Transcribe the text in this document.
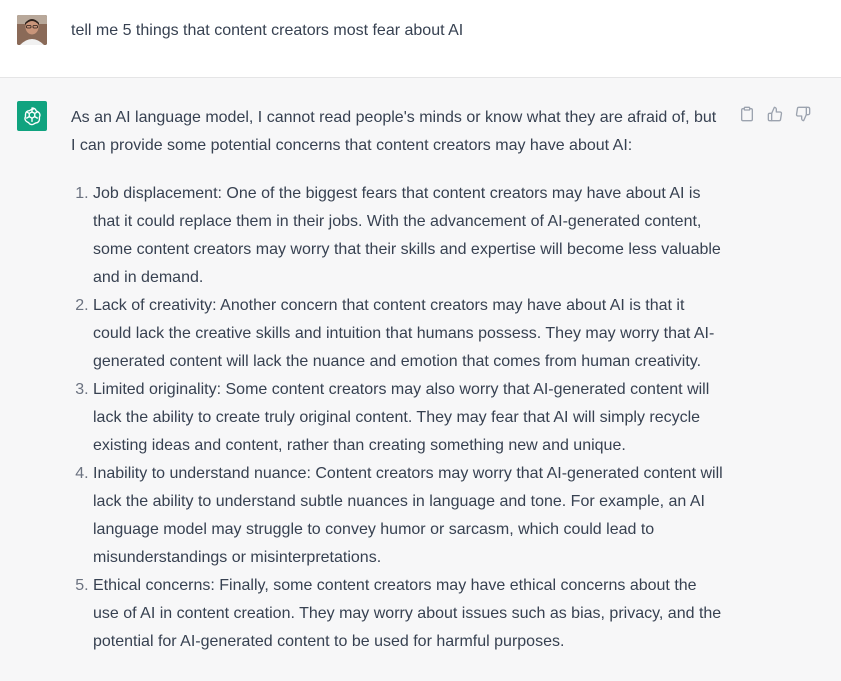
tell me 5 things that content creators most fear about AI

As an AI language model, I cannot read people's minds or know what they are afraid of, but I can provide some potential concerns that content creators may have about AI:

1. Job displacement: One of the biggest fears that content creators may have about AI is that it could replace them in their jobs. With the advancement of AI-generated content, some content creators may worry that their skills and expertise will become less valuable and in demand.
2. Lack of creativity: Another concern that content creators may have about AI is that it could lack the creative skills and intuition that humans possess. They may worry that AI-generated content will lack the nuance and emotion that comes from human creativity.
3. Limited originality: Some content creators may also worry that AI-generated content will lack the ability to create truly original content. They may fear that AI will simply recycle existing ideas and content, rather than creating something new and unique.
4. Inability to understand nuance: Content creators may worry that AI-generated content will lack the ability to understand subtle nuances in language and tone. For example, an AI language model may struggle to convey humor or sarcasm, which could lead to misunderstandings or misinterpretations.
5. Ethical concerns: Finally, some content creators may have ethical concerns about the use of AI in content creation. They may worry about issues such as bias, privacy, and the potential for AI-generated content to be used for harmful purposes.
